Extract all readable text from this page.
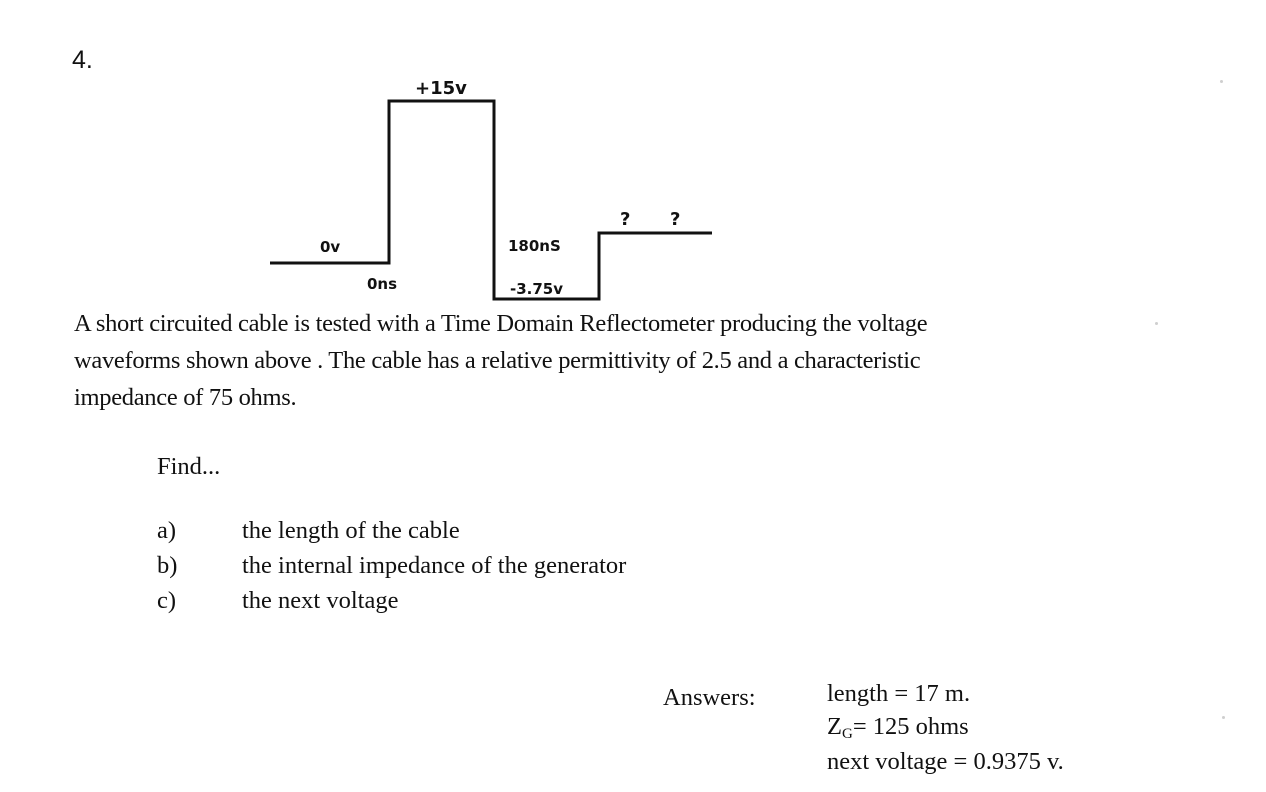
4.
+15v
0v
0ns
180nS
-3.75v
? ?
A short circuited cable is tested with a Time Domain Reflectometer producing the voltage
waveforms shown above . The cable has a relative permittivity of 2.5 and a characteristic
impedance of 75 ohms.
Find...
a)	the length of the cable
b)	the internal impedance of the generator
c)	the next voltage
Answers:	length = 17 m.
ZG= 125 ohms
next voltage = 0.9375 v.
